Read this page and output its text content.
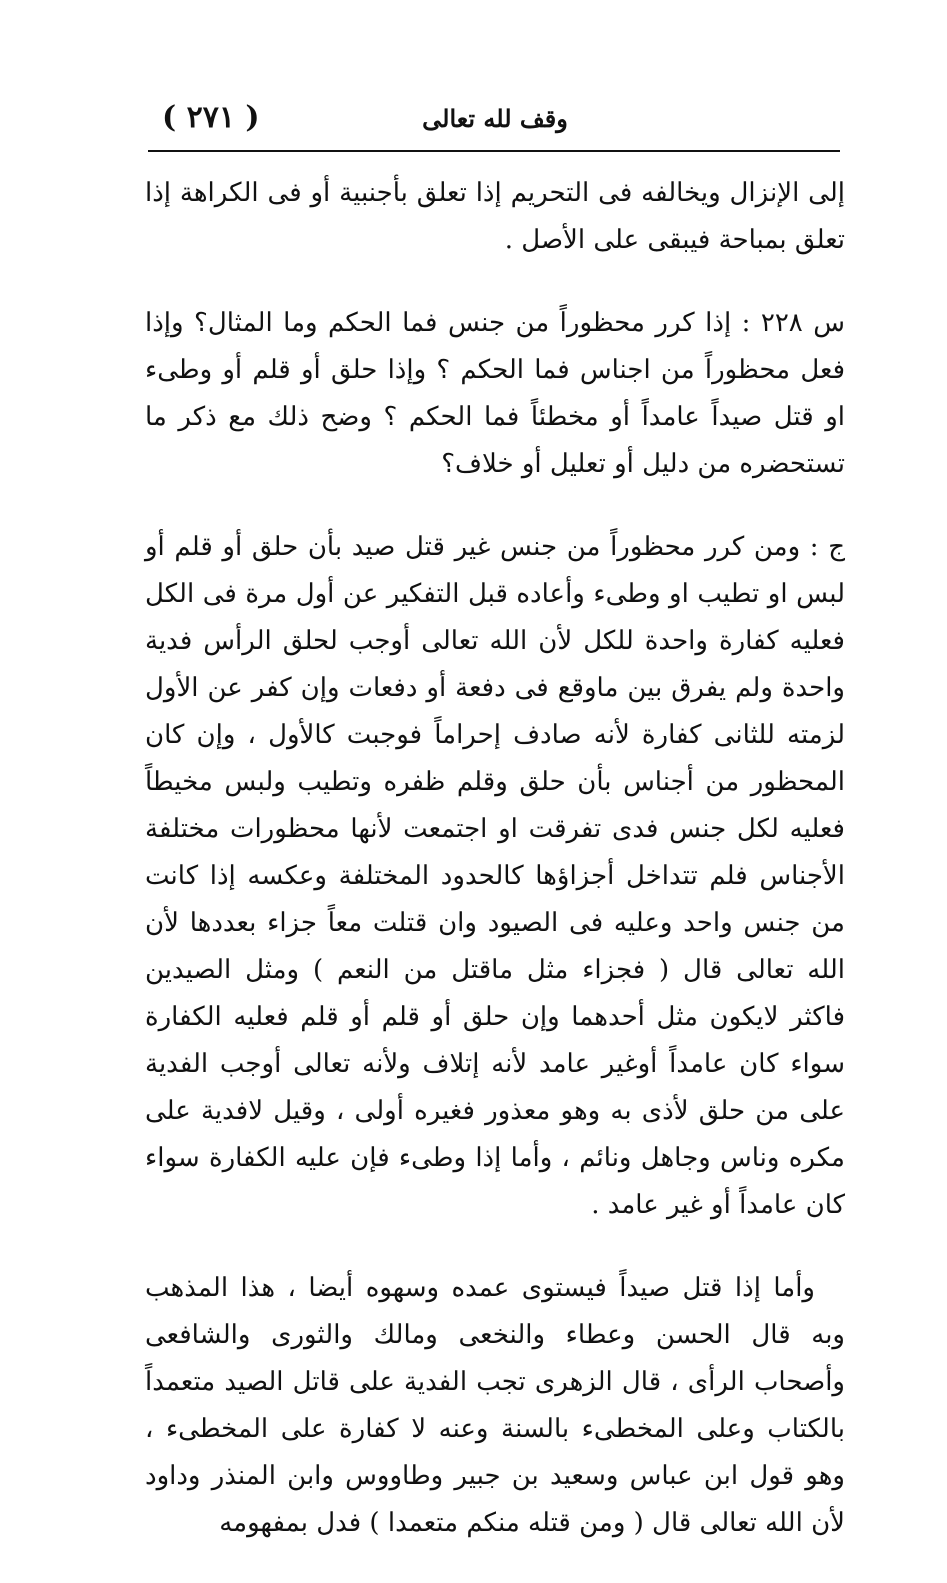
وقف لله تعالى
( ٢٧١ )

إلى الإنزال ويخالفه فى التحريم إذا تعلق بأجنبية أو فى الكراهة إذا تعلق بمباحة فيبقى على الأصل .

س ٢٢٨ : إذا كرر محظوراً من جنس فما الحكم وما المثال؟ وإذا فعل محظوراً من اجناس فما الحكم ؟ وإذا حلق أو قلم أو وطىء او قتل صيداً عامداً أو مخطئاً فما الحكم ؟ وضح ذلك مع ذكر ما تستحضره من دليل أو تعليل أو خلاف؟

ج : ومن كرر محظوراً من جنس غير قتل صيد بأن حلق أو قلم أو لبس او تطيب او وطىء وأعاده قبل التفكير عن أول مرة فى الكل فعليه كفارة واحدة للكل لأن الله تعالى أوجب لحلق الرأس فدية واحدة ولم يفرق بين ماوقع فى دفعة أو دفعات وإن كفر عن الأول لزمته للثانى كفارة لأنه صادف إحراماً فوجبت كالأول ، وإن كان المحظور من أجناس بأن حلق وقلم ظفره وتطيب ولبس مخيطاً فعليه لكل جنس فدى تفرقت او اجتمعت لأنها محظورات مختلفة الأجناس فلم تتداخل أجزاؤها كالحدود المختلفة وعكسه إذا كانت من جنس واحد وعليه فى الصيود وان قتلت معاً جزاء بعددها لأن الله تعالى قال ( فجزاء مثل ماقتل من النعم ) ومثل الصيدين فاكثر لايكون مثل أحدهما وإن حلق أو قلم أو قلم فعليه الكفارة سواء كان عامداً أوغير عامد لأنه إتلاف ولأنه تعالى أوجب الفدية على من حلق لأذى به وهو معذور فغيره أولى ، وقيل لافدية على مكره وناس وجاهل ونائم ، وأما إذا وطىء فإن عليه الكفارة سواء كان عامداً أو غير عامد .

وأما إذا قتل صيداً فيستوى عمده وسهوه أيضا ، هذا المذهب وبه قال الحسن وعطاء والنخعى ومالك والثورى والشافعى وأصحاب الرأى ، قال الزهرى تجب الفدية على قاتل الصيد متعمداً بالكتاب وعلى المخطىء بالسنة وعنه لا كفارة على المخطىء ، وهو قول ابن عباس وسعيد بن جبير وطاووس وابن المنذر وداود لأن الله تعالى قال ( ومن قتله منكم متعمدا ) فدل بمفهومه
